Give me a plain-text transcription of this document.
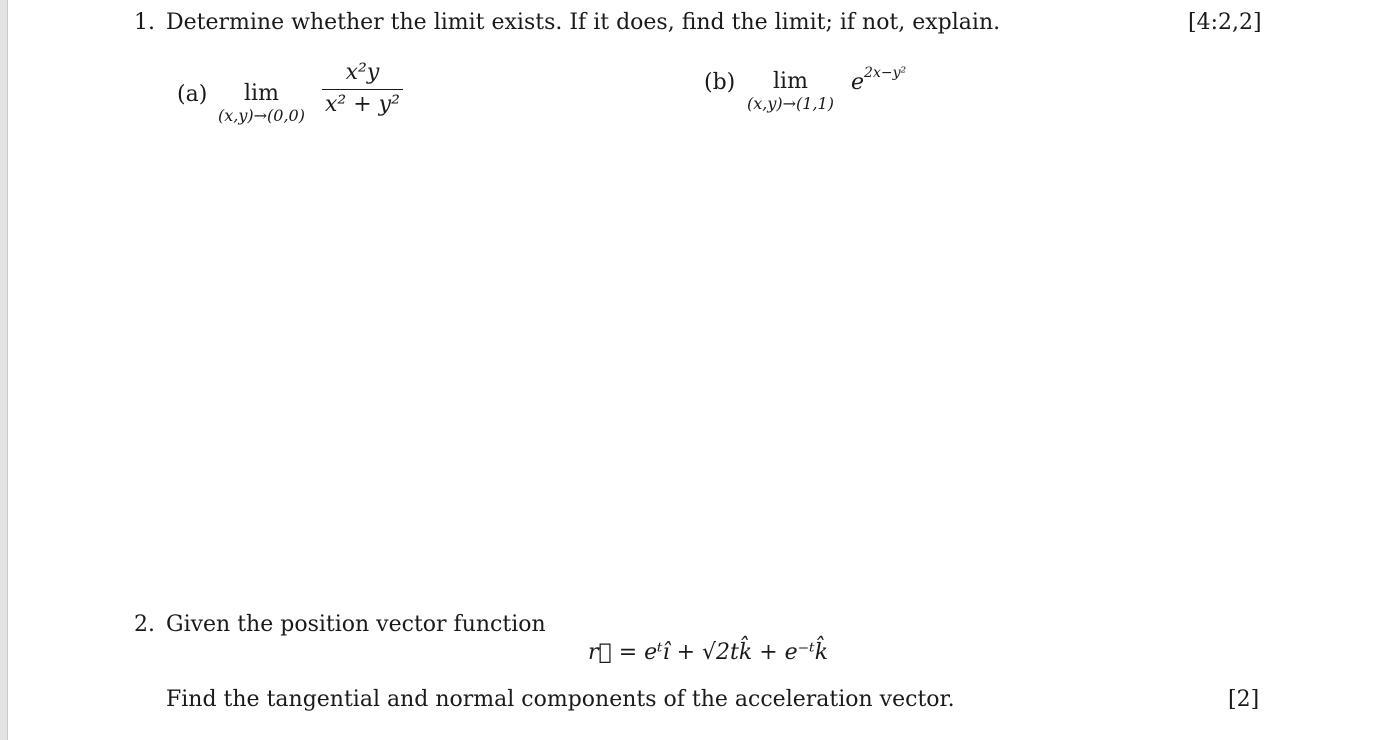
1. Determine whether the limit exists. If it does, find the limit; if not, explain.	[4:2,2]
(a) lim
$(x,y)\to(0,0) \frac{\text{x²y}}{\text{x² + y²}}$	(b) lim
(x,y)→(1,1)
$e^{2x-y^2}$
2. Given the position vector function
r⃗ = eᵗî + √2tk̂ + e⁻ᵗk̂
Find the tangential and normal components of the acceleration vector.	[2]
